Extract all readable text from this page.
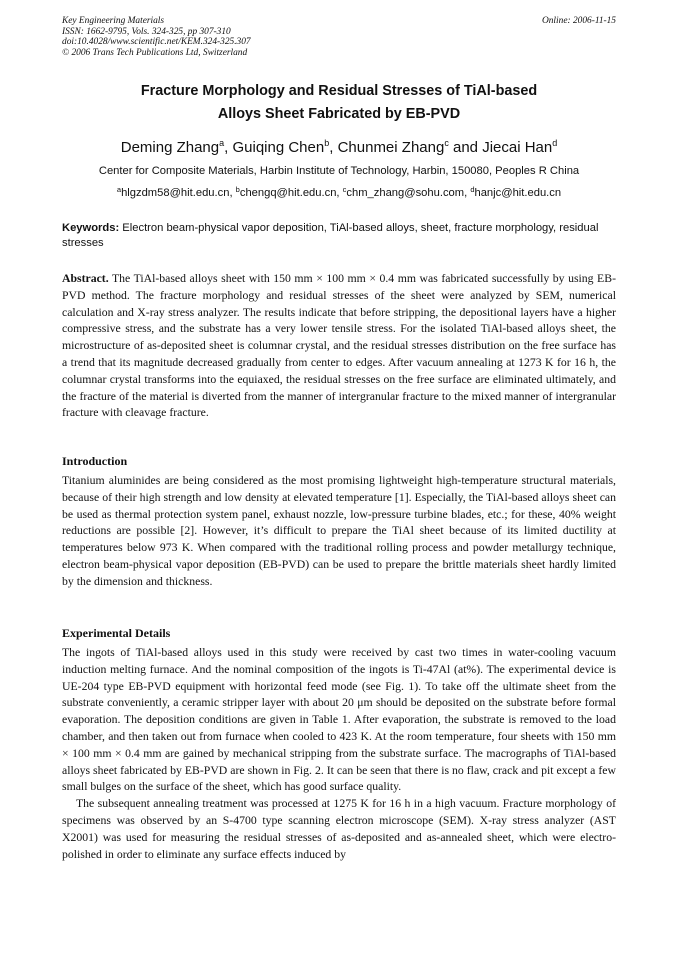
Key Engineering Materials
ISSN: 1662-9795, Vols. 324-325, pp 307-310
doi:10.4028/www.scientific.net/KEM.324-325.307
© 2006 Trans Tech Publications Ltd, Switzerland
Online: 2006-11-15
Fracture Morphology and Residual Stresses of TiAl-based
Alloys Sheet Fabricated by EB-PVD
Deming Zhang$^a$, Guiqing Chen$^b$, Chunmei Zhang$^c$ and Jiecai Han$^d$
Center for Composite Materials, Harbin Institute of Technology, Harbin, 150080, Peoples R China
$^a$hlgzdm58@hit.edu.cn, $^b$chengq@hit.edu.cn, $^c$chm_zhang@sohu.com, $^d$hanjc@hit.edu.cn
Keywords: Electron beam-physical vapor deposition, TiAl-based alloys, sheet, fracture morphology, residual stresses

Abstract. The TiAl-based alloys sheet with 150 mm × 100 mm × 0.4 mm was fabricated successfully by using EB-PVD method. The fracture morphology and residual stresses of the sheet were analyzed by SEM, numerical calculation and X-ray stress analyzer. The results indicate that before stripping, the depositional layers have a higher compressive stress, and the substrate has a very lower tensile stress. For the isolated TiAl-based alloys sheet, the microstructure of as-deposited sheet is columnar crystal, and the residual stresses distribution on the free surface has a trend that its magnitude decreased gradually from center to edges. After vacuum annealing at 1273 K for 16 h, the columnar crystal transforms into the equiaxed, the residual stresses on the free surface are eliminated ultimately, and the fracture of the material is diverted from the manner of intergranular fracture to the mixed manner of intergranular fracture with cleavage fracture.

Introduction

Titanium aluminides are being considered as the most promising lightweight high-temperature structural materials, because of their high strength and low density at elevated temperature [1]. Especially, the TiAl-based alloys sheet can be used as thermal protection system panel, exhaust nozzle, low-pressure turbine blades, etc.; for these, 40% weight reductions are possible [2]. However, it’s difficult to prepare the TiAl sheet because of its limited ductility at temperatures below 973 K. When compared with the traditional rolling process and powder metallurgy technique, electron beam-physical vapor deposition (EB-PVD) can be used to prepare the brittle materials sheet hardly limited by the dimension and thickness.

Experimental Details

The ingots of TiAl-based alloys used in this study were received by cast two times in water-cooling vacuum induction melting furnace. And the nominal composition of the ingots is Ti-47Al (at%). The experimental device is UE-204 type EB-PVD equipment with horizontal feed mode (see Fig. 1). To take off the ultimate sheet from the substrate conveniently, a ceramic stripper layer with about 20 μm should be deposited on the substrate before formal evaporation. The deposition conditions are given in Table 1. After evaporation, the substrate is removed to the load chamber, and then taken out from furnace when cooled to 423 K. At the room temperature, four sheets with 150 mm × 100 mm × 0.4 mm are gained by mechanical stripping from the substrate surface. The macrographs of TiAl-based alloys sheet fabricated by EB-PVD are shown in Fig. 2. It can be seen that there is no flaw, crack and pit except a few small bulges on the surface of the sheet, which has good surface quality.

The subsequent annealing treatment was processed at 1275 K for 16 h in a high vacuum. Fracture morphology of specimens was observed by an S-4700 type scanning electron microscope (SEM). X-ray stress analyzer (AST X2001) was used for measuring the residual stresses of as-deposited and as-annealed sheet, which were electro-polished in order to eliminate any surface effects induced by
